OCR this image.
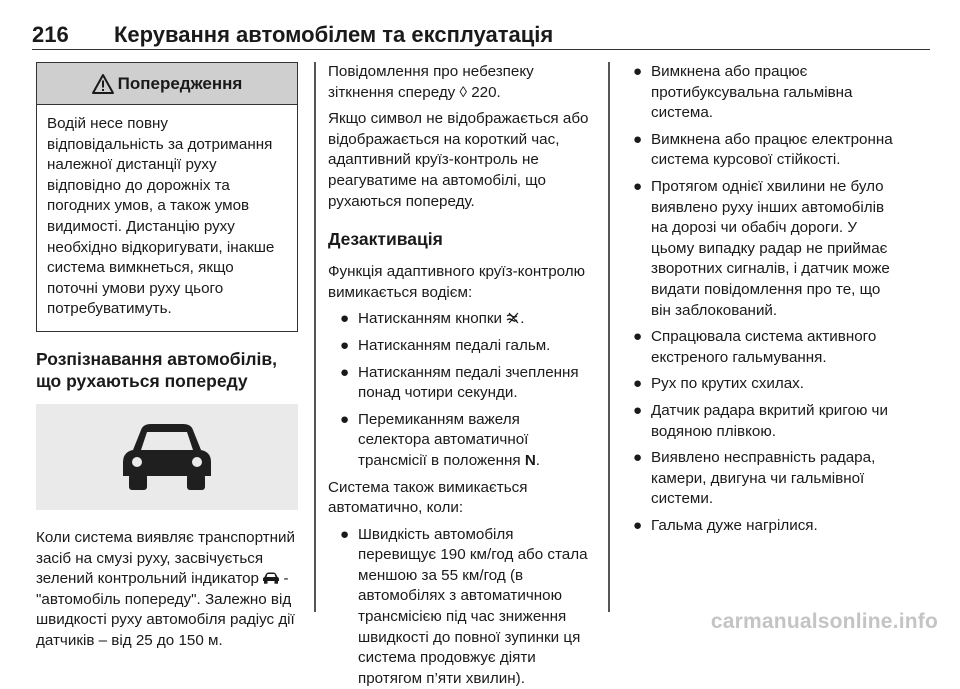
216 Керування автомобілем та експлуатація
Попередження
Водій несе повну відповідальність за дотримання належної дистанції руху відповідно до дорожніх та погодних умов, а також умов видимості. Дистанцію руху необхідно відкоригувати, інакше система вимкнеться, якщо поточні умови руху цього потребуватимуть.
Розпізнавання автомобілів, що рухаються попереду

Коли система виявляє транспортний засіб на смузі руху, засвічується зелений контрольний індикатор - "автомобіль попереду". Залежно від швидкості руху автомобіля радіус дії датчиків – від 25 до 150 м.

Повідомлення про небезпеку зіткнення спереду ◊ 220.

Якщо символ не відображається або відображається на короткий час, адаптивний круїз-контроль не реагуватиме на автомобілі, що рухаються попереду.

Дезактивація

Функція адаптивного круїз-контролю вимикається водієм:

● Натисканням кнопки .
● Натисканням педалі гальм.
● Натисканням педалі зчеплення понад чотири секунди.
● Перемиканням важеля селектора автоматичної трансмісії в положення N.

Система також вимикається автоматично, коли:

● Швидкість автомобіля перевищує 190 км/год або стала меншою за 55 км/год (в автомобілях з автоматичною трансмісією під час зниження швидкості до повної зупинки ця система продовжує діяти протягом п’яти хвилин).
● Вимкнена або працює протибуксувальна гальмівна система.
● Вимкнена або працює електронна система курсової стійкості.
● Протягом однієї хвилини не було виявлено руху інших автомобілів на дорозі чи обабіч дороги. У цьому випадку радар не приймає зворотних сигналів, і датчик може видати повідомлення про те, що він заблокований.
● Спрацювала система активного екстреного гальмування.
● Рух по крутих схилах.
● Датчик радара вкритий кригою чи водяною плівкою.
● Виявлено несправність радара, камери, двигуна чи гальмівної системи.
● Гальма дуже нагрілися.
carmanualsonline.info
